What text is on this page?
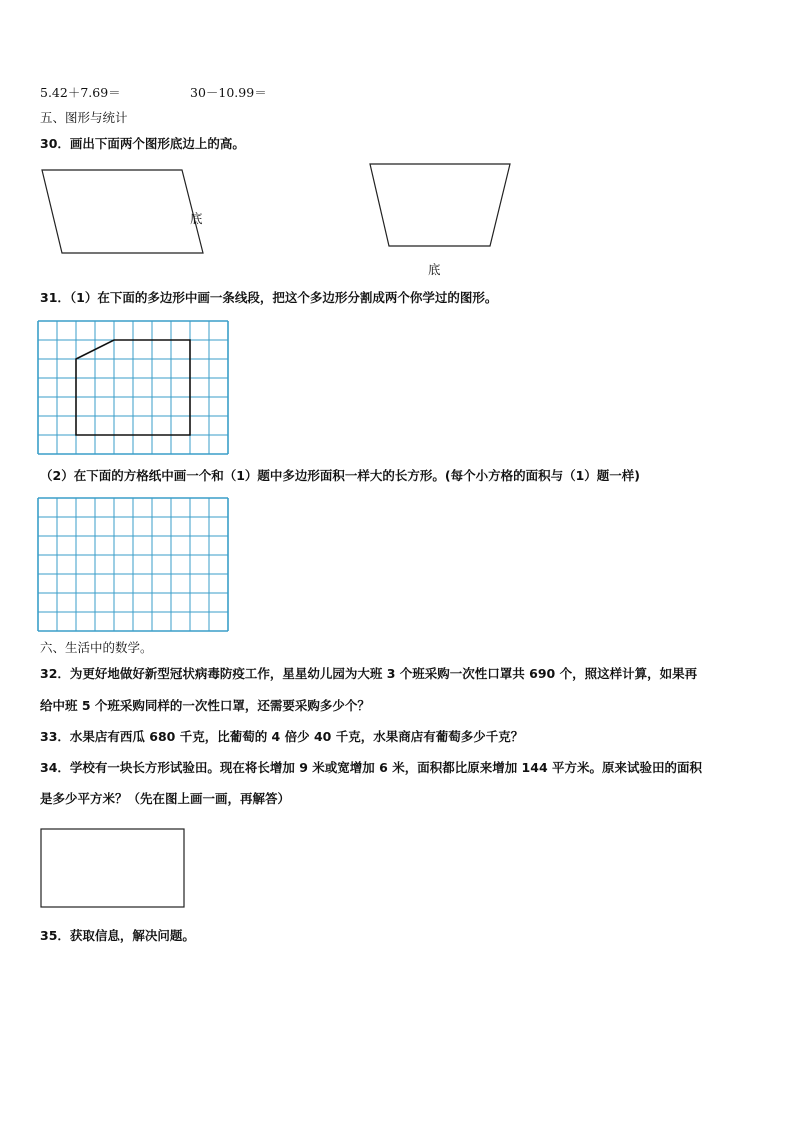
5.42＋7.69＝	30－10.99＝
五、图形与统计
30．画出下面两个图形底边上的高。
底
底
31．（1）在下面的多边形中画一条线段，把这个多边形分割成两个你学过的图形。
（2）在下面的方格纸中画一个和（1）题中多边形面积一样大的长方形。(每个小方格的面积与（1）题一样)
六、生活中的数学。
32．为更好地做好新型冠状病毒防疫工作，星星幼儿园为大班 3 个班采购一次性口罩共 690 个，照这样计算，如果再
给中班 5 个班采购同样的一次性口罩，还需要采购多少个？
33．水果店有西瓜 680 千克，比葡萄的 4 倍少 40 千克，水果商店有葡萄多少千克？
34．学校有一块长方形试验田。现在将长增加 9 米或宽增加 6 米，面积都比原来增加 144 平方米。原来试验田的面积
是多少平方米？（先在图上画一画，再解答）
35．获取信息，解决问题。
